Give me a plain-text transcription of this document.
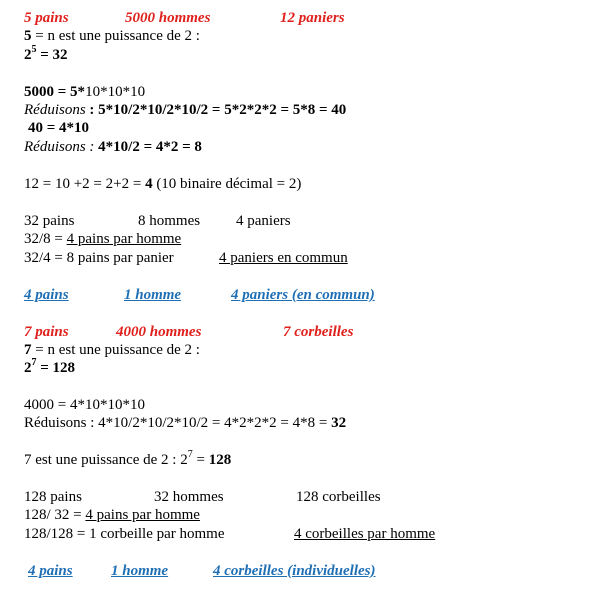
5 pains	5000 hommes	12 paniers
5 = n est une puissance de 2 :
$2^5 = 32$
5000 = 5*10*10*10
Réduisons : 5*10/2*10/2*10/2 = 5*2*2*2 = 5*8 = 40
40 = 4*10
Réduisons : 4*10/2 = 4*2 = 8
12 = 10 +2 = 2+2 = 4 (10 binaire décimal = 2)
32 pains	8 hommes 4 paniers
32/8 = 4 pains par homme
32/4 = 8 pains par panier	4 paniers en commun
4 pains	1 homme	4 paniers (en commun)
7 pains	4000 hommes	7 corbeilles
7 = n est une puissance de 2 :
$2^7 = 128$
4000 = 4*10*10*10
Réduisons : 4*10/2*10/2*10/2 = 4*2*2*2 = 4*8 = 32
7 est une puissance de 2 : $2^7 = 128$
128 pains	32 hommes	128 corbeilles
128/ 32 = 4 pains par homme
128/128 = 1 corbeille par homme	4 corbeilles par homme
4 pains	1 homme	4 corbeilles (individuelles)
